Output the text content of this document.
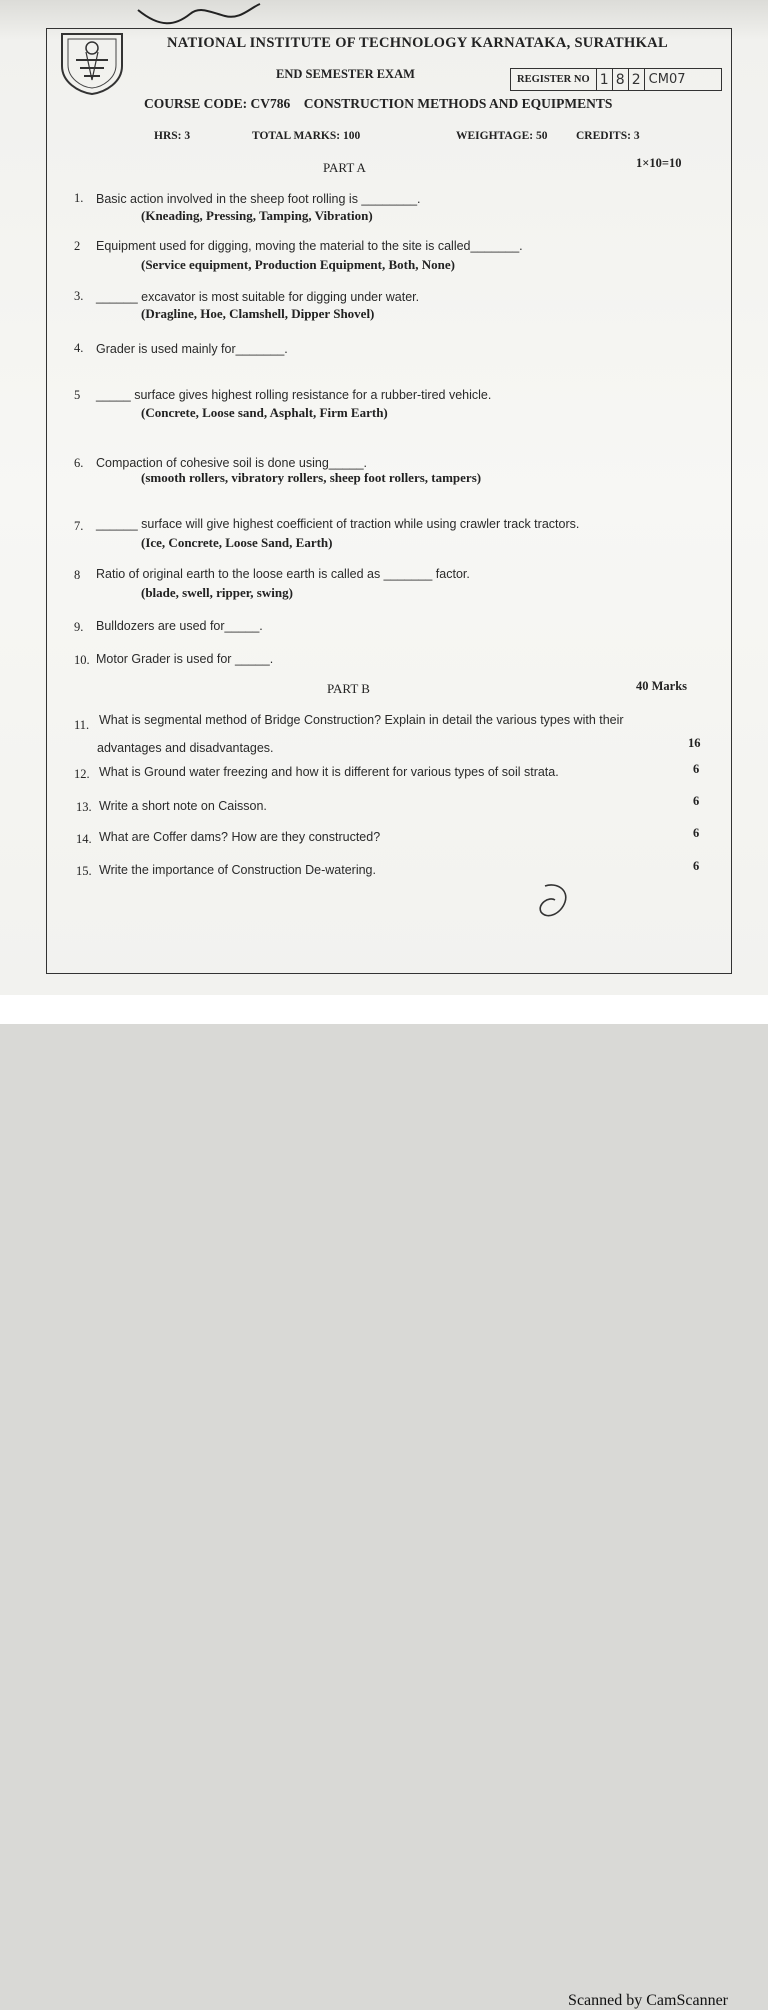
NATIONAL INSTITUTE OF TECHNOLOGY KARNATAKA, SURATHKAL
END SEMESTER EXAM	REGISTER NO 1 8 2 CM07
COURSE CODE: CV786    CONSTRUCTION METHODS AND EQUIPMENTS
HRS: 3	TOTAL MARKS: 100	WEIGHTAGE: 50 CREDITS: 3
PART A	1×10=10
1. Basic action involved in the sheep foot rolling is ________.
(Kneading, Pressing, Tamping, Vibration)
2 Equipment used for digging, moving the material to the site is called_______.
(Service equipment, Production Equipment, Both, None)
3. ______ excavator is most suitable for digging under water.
(Dragline, Hoe, Clamshell, Dipper Shovel)
4. Grader is used mainly for_______.
5 _____ surface gives highest rolling resistance for a rubber-tired vehicle.
(Concrete, Loose sand, Asphalt, Firm Earth)
6. Compaction of cohesive soil is done using_____.
(smooth rollers, vibratory rollers, sheep foot rollers, tampers)
7. ______ surface will give highest coefficient of traction while using crawler track tractors.
(Ice, Concrete, Loose Sand, Earth)
8 Ratio of original earth to the loose earth is called as _______ factor.
(blade, swell, ripper, swing)
9. Bulldozers are used for_____.
10. Motor Grader is used for _____.
PART B	40 Marks
11. What is segmental method of Bridge Construction? Explain in detail the various types with their
advantages and disadvantages.	16
12. What is Ground water freezing and how it is different for various types of soil strata.	6
13. Write a short note on Caisson.	6
14. What are Coffer dams? How are they constructed?	6
15. Write the importance of Construction De-watering.	6
Scanned by CamScanner
